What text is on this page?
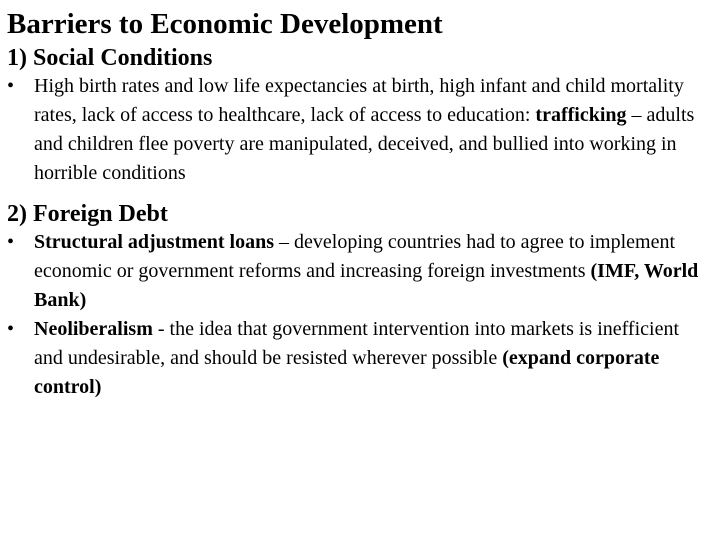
Barriers to Economic Development
1) Social Conditions
• High birth rates and low life expectancies at birth, high infant and child mortality rates, lack of access to healthcare, lack of access to education: trafficking – adults and children flee poverty are manipulated, deceived, and bullied into working in horrible conditions
2) Foreign Debt
• Structural adjustment loans – developing countries had to agree to implement economic or government reforms and increasing foreign investments (IMF, World Bank)
• Neoliberalism - the idea that government intervention into markets is inefficient and undesirable, and should be resisted wherever possible (expand corporate control)
